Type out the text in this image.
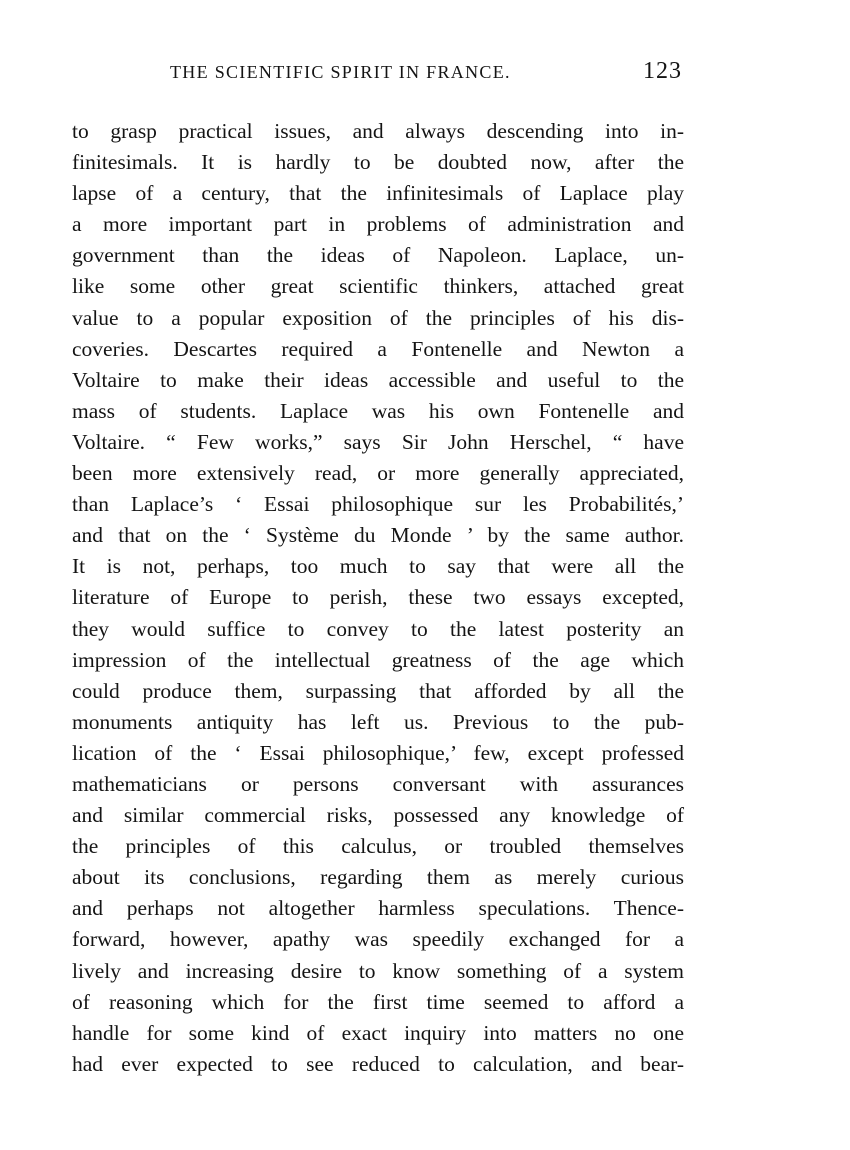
THE SCIENTIFIC SPIRIT IN FRANCE.	123
to grasp practical issues, and always descending into in-
finitesimals. It is hardly to be doubted now, after the
lapse of a century, that the infinitesimals of Laplace play
a more important part in problems of administration and
government than the ideas of Napoleon. Laplace, un-
like some other great scientific thinkers, attached great
value to a popular exposition of the principles of his dis-
coveries. Descartes required a Fontenelle and Newton a
Voltaire to make their ideas accessible and useful to the
mass of students. Laplace was his own Fontenelle and
Voltaire. “ Few works,” says Sir John Herschel, “ have
been more extensively read, or more generally appreciated,
than Laplace’s ‘ Essai philosophique sur les Probabilités,’
and that on the ‘ Système du Monde ’ by the same author.
It is not, perhaps, too much to say that were all the
literature of Europe to perish, these two essays excepted,
they would suffice to convey to the latest posterity an
impression of the intellectual greatness of the age which
could produce them, surpassing that afforded by all the
monuments antiquity has left us. Previous to the pub-
lication of the ‘ Essai philosophique,’ few, except professed
mathematicians or persons conversant with assurances
and similar commercial risks, possessed any knowledge of
the principles of this calculus, or troubled themselves
about its conclusions, regarding them as merely curious
and perhaps not altogether harmless speculations. Thence-
forward, however, apathy was speedily exchanged for a
lively and increasing desire to know something of a system
of reasoning which for the first time seemed to afford a
handle for some kind of exact inquiry into matters no one
had ever expected to see reduced to calculation, and bear-
